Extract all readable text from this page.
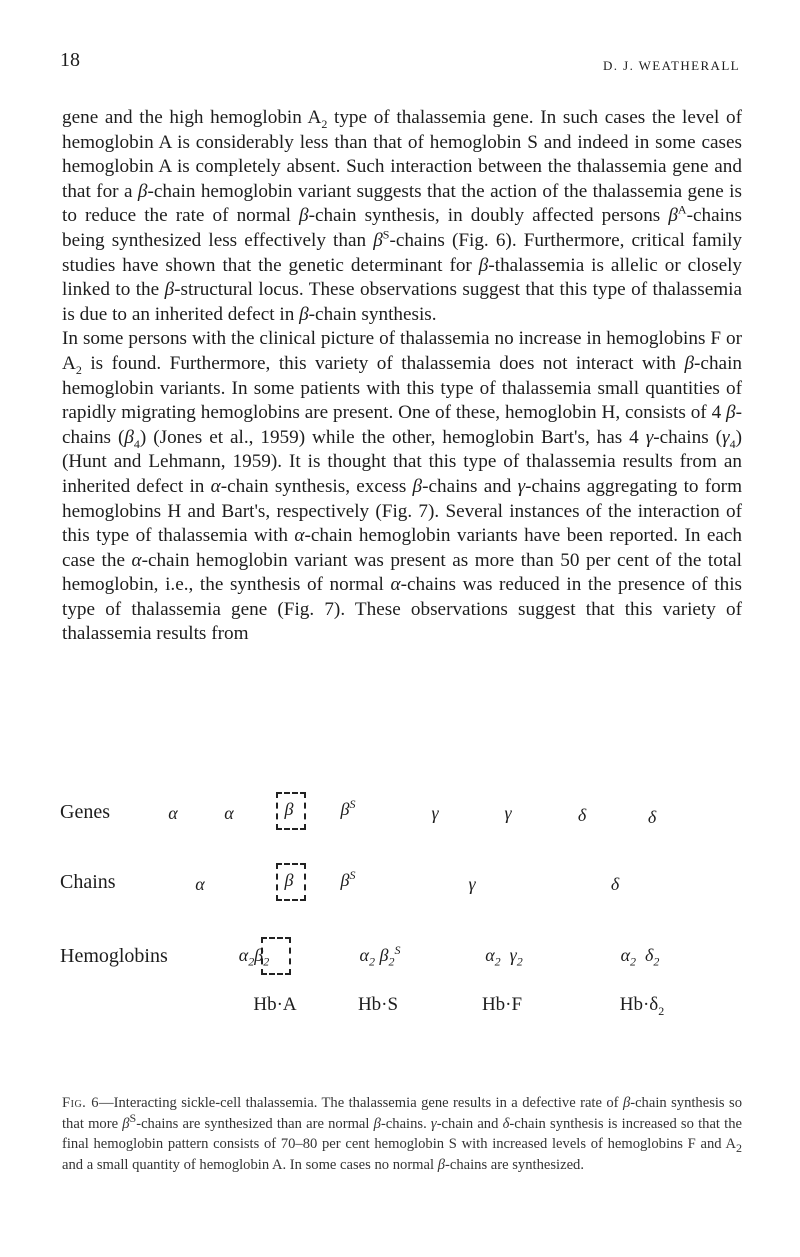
18	D. J. WEATHERALL

gene and the high hemoglobin $A_2$ type of thalassemia gene. In such cases the level of hemoglobin A is considerably less than that of hemoglobin S and indeed in some cases hemoglobin A is completely absent. Such interaction between the thalassemia gene and that for a β-chain hemoglobin variant suggests that the action of the thalassemia gene is to reduce the rate of normal β-chain synthesis, in doubly affected persons $\beta^A$-chains being synthesized less effectively than $\beta^S$-chains (Fig. 6). Furthermore, critical family studies have shown that the genetic determinant for β-thalassemia is allelic or closely linked to the β-structural locus. These observations suggest that this type of thalassemia is due to an inherited defect in β-chain synthesis.

In some persons with the clinical picture of thalassemia no increase in hemoglobins F or $A_2$ is found. Furthermore, this variety of thalassemia does not interact with β-chain hemoglobin variants. In some patients with this type of thalassemia small quantities of rapidly migrating hemoglobins are present. One of these, hemoglobin H, consists of 4 β-chains $(\beta_4)$ (Jones et al., 1959) while the other, hemoglobin Bart's, has 4 γ-chains $(\gamma_4)$ (Hunt and Lehmann, 1959). It is thought that this type of thalassemia results from an inherited defect in α-chain synthesis, excess β-chains and γ-chains aggregating to form hemoglobins H and Bart's, respectively (Fig. 7). Several instances of the interaction of this type of thalassemia with α-chain hemoglobin variants have been reported. In each case the α-chain hemoglobin variant was present as more than 50 per cent of the total hemoglobin, i.e., the synthesis of normal α-chains was reduced in the presence of this type of thalassemia gene (Fig. 7). These observations suggest that this variety of thalassemia results from

Genes	α	α	β	$\beta^S$	γ	γ	δ	δ
Chains	α	β	$\beta^S$	γ	δ
Hemoglobins	$\alpha_2\beta_2$	$\alpha_2$ $\beta_2^S$	$\alpha_2$ $\gamma_2$	$\alpha_2$ $\delta_2$
Hb·A	Hb·S	Hb·F	$Hb\cdot\delta_2$
Fig. 6—Interacting sickle-cell thalassemia. The thalassemia gene results in a defective rate of β-chain synthesis so that more $\beta^S$-chains are synthesized than are normal β-chains. γ-chain and δ-chain synthesis is increased so that the final hemoglobin pattern consists of 70–80 per cent hemoglobin S with increased levels of hemoglobins F and $A_2$ and a small quantity of hemoglobin A. In some cases no normal β-chains are synthesized.
